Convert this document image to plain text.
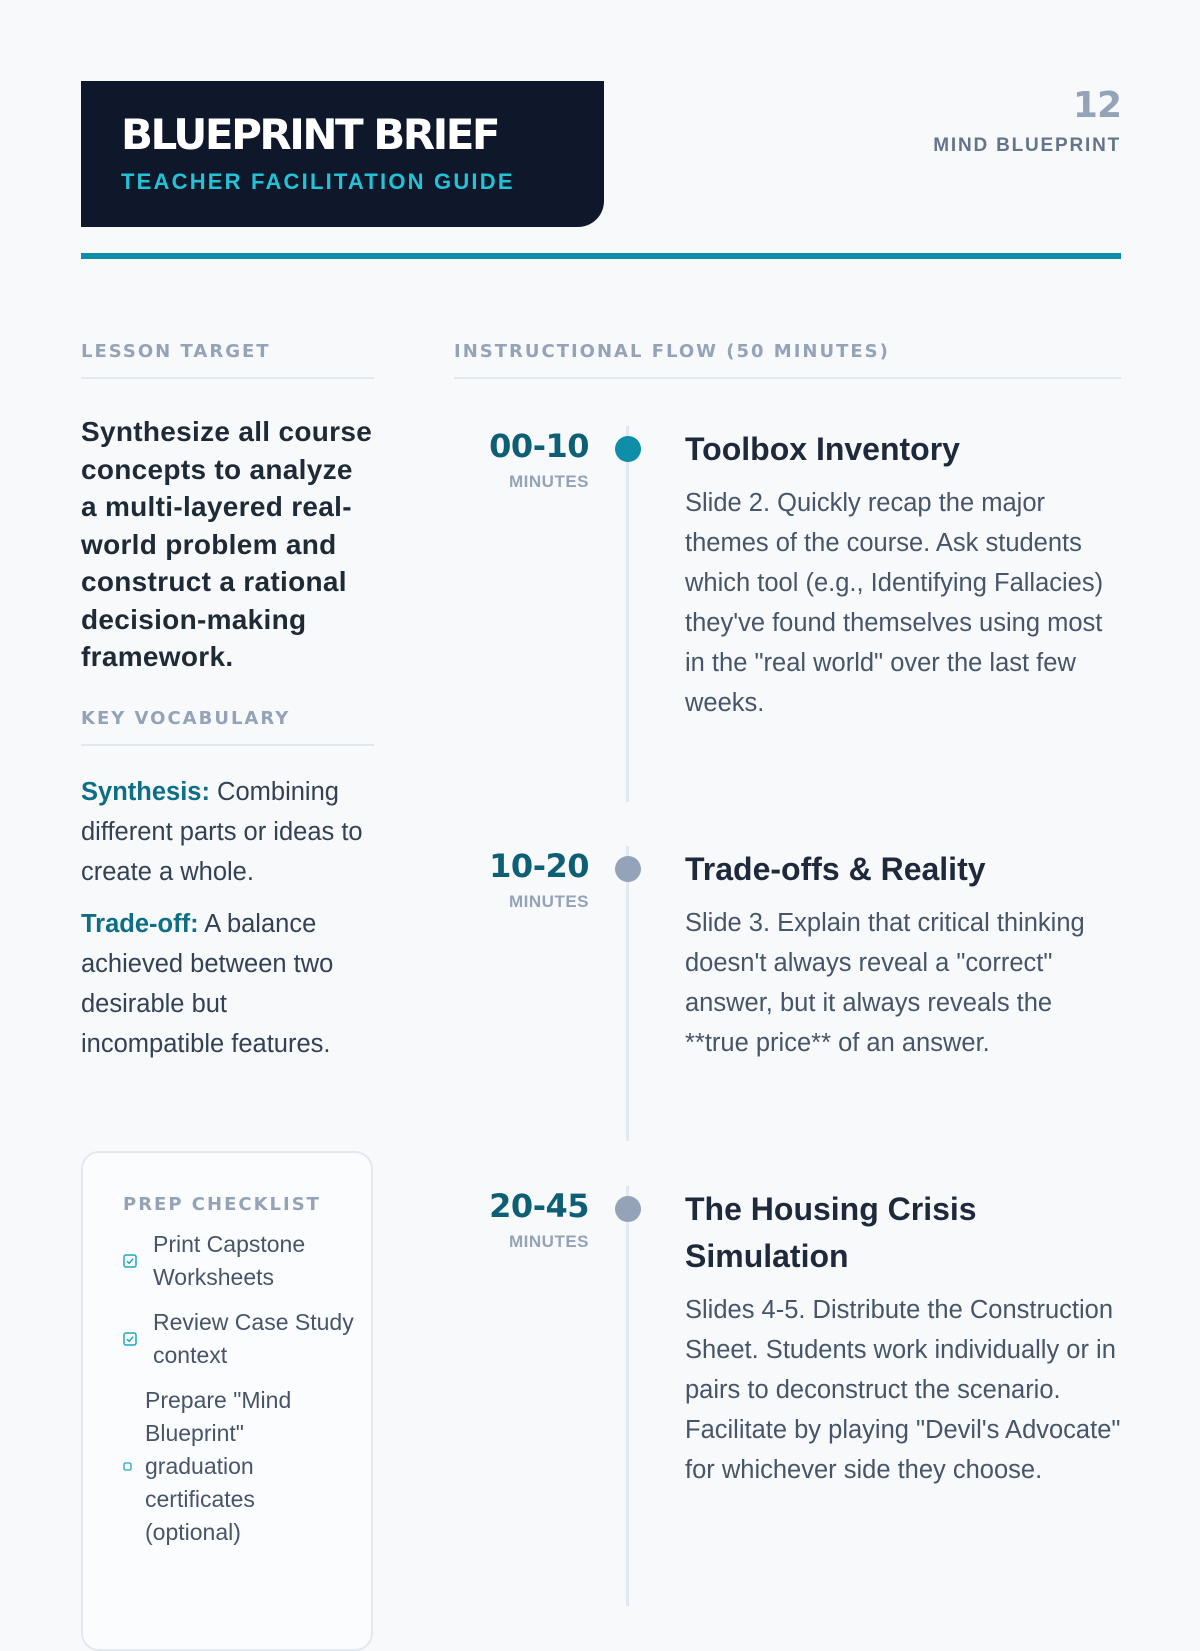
BLUEPRINT BRIEF
TEACHER FACILITATION GUIDE
12
MIND BLUEPRINT
LESSON TARGET
Synthesize all course concepts to analyze a multi-layered real-world problem and construct a rational decision-making framework.
KEY VOCABULARY
Synthesis: Combining different parts or ideas to create a whole.
Trade-off: A balance achieved between two desirable but incompatible features.
PREP CHECKLIST
Print Capstone Worksheets
Review Case Study context
Prepare "Mind Blueprint" graduation certificates (optional)
INSTRUCTIONAL FLOW (50 MINUTES)
00-10
MINUTES
Toolbox Inventory
Slide 2. Quickly recap the major themes of the course. Ask students which tool (e.g., Identifying Fallacies) they've found themselves using most in the "real world" over the last few weeks.
10-20
MINUTES
Trade-offs & Reality
Slide 3. Explain that critical thinking doesn't always reveal a "correct" answer, but it always reveals the **true price** of an answer.
20-45
MINUTES
The Housing Crisis Simulation
Slides 4-5. Distribute the Construction Sheet. Students work individually or in pairs to deconstruct the scenario. Facilitate by playing "Devil's Advocate" for whichever side they choose.
